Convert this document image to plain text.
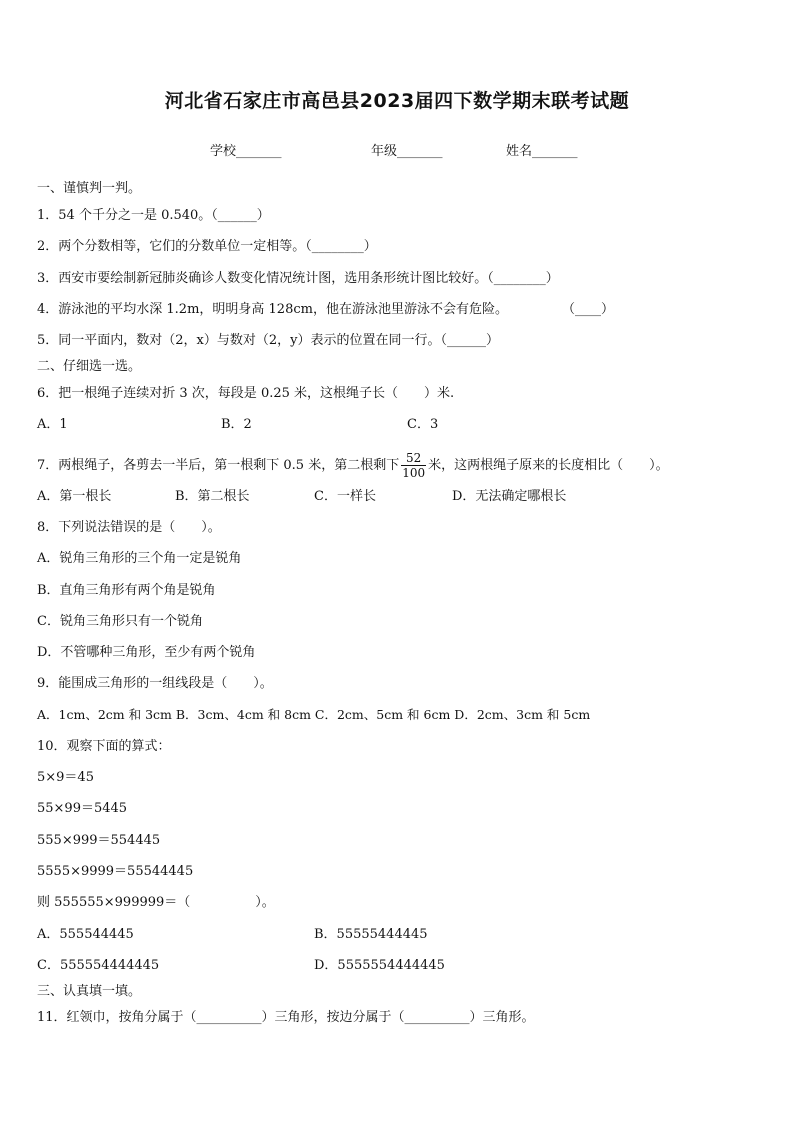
河北省石家庄市高邑县2023届四下数学期末联考试题
学校_______	年级_______	姓名_______
一、谨慎判一判。
1．54 个千分之一是 0.540。（______）
2．两个分数相等，它们的分数单位一定相等。（________）
3．西安市要绘制新冠肺炎确诊人数变化情况统计图，选用条形统计图比较好。（________）
4．游泳池的平均水深 1.2m，明明身高 128cm，他在游泳池里游泳不会有危险。	（____）
5．同一平面内，数对（2，x）与数对（2，y）表示的位置在同一行。（______）
二、仔细选一选。
6．把一根绳子连续对折 3 次，每段是 0.25 米，这根绳子长（　　）米.
A．1	B．2	C．3
7．两根绳子，各剪去一半后，第一根剩下 0.5 米，第二根剩下 $\frac{52}{100}$ 米，这两根绳子原来的长度相比（　　）。
A．第一根长	B．第二根长	C．一样长	D．无法确定哪根长
8．下列说法错误的是（　　）。
A．锐角三角形的三个角一定是锐角
B．直角三角形有两个角是锐角
C．锐角三角形只有一个锐角
D．不管哪种三角形，至少有两个锐角
9．能围成三角形的一组线段是（　　）。
A．1cm、2cm 和 3cm B．3cm、4cm 和 8cm C．2cm、5cm 和 6cm D．2cm、3cm 和 5cm
10．观察下面的算式：
5×9＝45
55×99＝5445
555×999＝554445
5555×9999＝55544445
则 555555×999999＝（　　　　　）。
A．555544445	B．55555444445
C．555554444445	D．5555554444445
三、认真填一填。
11．红领巾，按角分属于（__________）三角形，按边分属于（__________）三角形。
